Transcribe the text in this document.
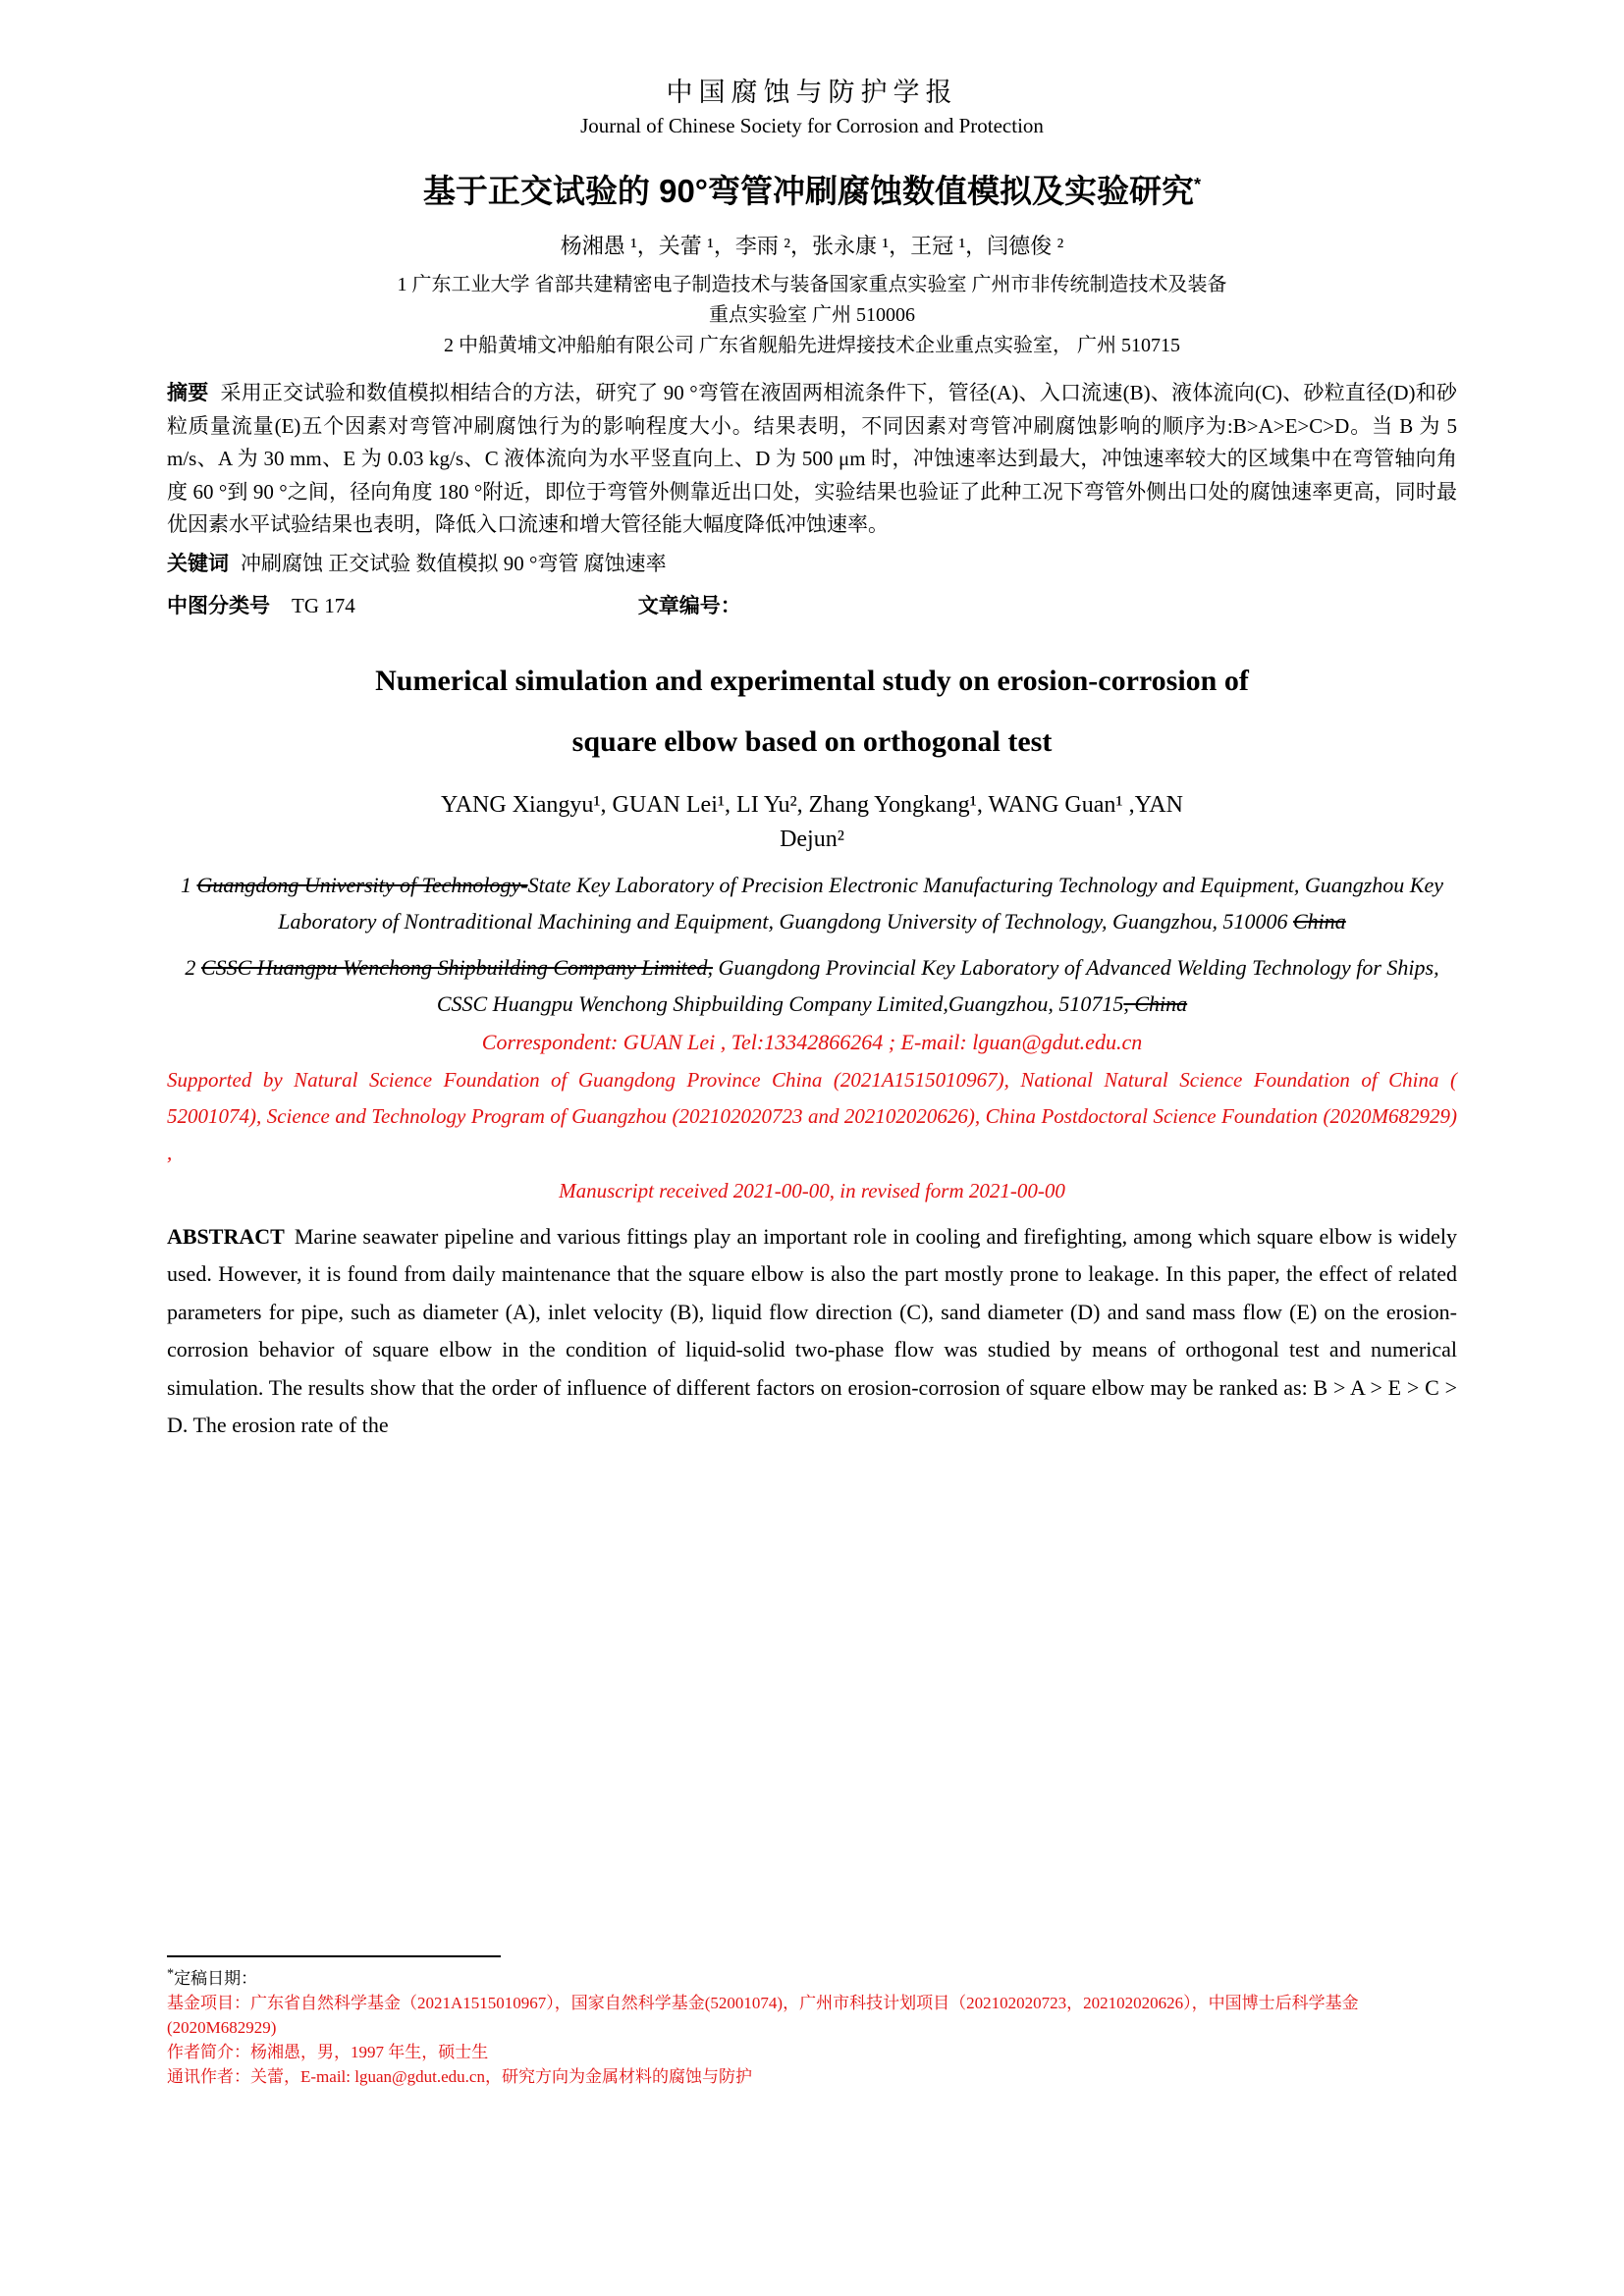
中国腐蚀与防护学报
Journal of Chinese Society for Corrosion and Protection
基于正交试验的 90°弯管冲刷腐蚀数值模拟及实验研究*
杨湘愚 ¹，关蕾 ¹，李雨 ²，张永康 ¹，王冠 ¹，闫德俊 ²
1 广东工业大学 省部共建精密电子制造技术与装备国家重点实验室 广州市非传统制造技术及装备
重点实验室 广州 510006
2 中船黄埔文冲船舶有限公司 广东省舰船先进焊接技术企业重点实验室， 广州 510715

摘要 采用正交试验和数值模拟相结合的方法，研究了 90 °弯管在液固两相流条件下，管径(A)、入口流速(B)、液体流向(C)、砂粒直径(D)和砂粒质量流量(E)五个因素对弯管冲刷腐蚀行为的影响程度大小。结果表明，不同因素对弯管冲刷腐蚀影响的顺序为:B>A>E>C>D。当 B 为 5 m/s、A 为 30 mm、E 为 0.03 kg/s、C 液体流向为水平竖直向上、D 为 500 μm 时，冲蚀速率达到最大，冲蚀速率较大的区域集中在弯管轴向角度 60 °到 90 °之间，径向角度 180 °附近，即位于弯管外侧靠近出口处，实验结果也验证了此种工况下弯管外侧出口处的腐蚀速率更高，同时最优因素水平试验结果也表明，降低入口流速和增大管径能大幅度降低冲蚀速率。

关键词 冲刷腐蚀 正交试验 数值模拟 90 °弯管 腐蚀速率

中图分类号 TG 174	文章编号：
Numerical simulation and experimental study on erosion-corrosion of
square elbow based on orthogonal test
YANG Xiangyu¹, GUAN Lei¹, LI Yu², Zhang Yongkang¹, WANG Guan¹ ,YAN
Dejun²

1 Guangdong University of Technology-State Key Laboratory of Precision Electronic Manufacturing Technology and Equipment, Guangzhou Key Laboratory of Nontraditional Machining and Equipment, Guangdong University of Technology, Guangzhou, 510006 China

2 CSSC Huangpu Wenchong Shipbuilding Company Limited, Guangdong Provincial Key Laboratory of Advanced Welding Technology for Ships, CSSC Huangpu Wenchong Shipbuilding Company Limited,Guangzhou, 510715, China

Correspondent: GUAN Lei , Tel:13342866264 ; E-mail: lguan@gdut.edu.cn

Supported by Natural Science Foundation of Guangdong Province China (2021A1515010967), National Natural Science Foundation of China ( 52001074), Science and Technology Program of Guangzhou (202102020723 and 202102020626), China Postdoctoral Science Foundation (2020M682929) ,

Manuscript received 2021-00-00, in revised form 2021-00-00

ABSTRACT Marine seawater pipeline and various fittings play an important role in cooling and firefighting, among which square elbow is widely used. However, it is found from daily maintenance that the square elbow is also the part mostly prone to leakage. In this paper, the effect of related parameters for pipe, such as diameter (A), inlet velocity (B), liquid flow direction (C), sand diameter (D) and sand mass flow (E) on the erosion-corrosion behavior of square elbow in the condition of liquid-solid two-phase flow was studied by means of orthogonal test and numerical simulation. The results show that the order of influence of different factors on erosion-corrosion of square elbow may be ranked as: B > A > E > C > D. The erosion rate of the

*定稿日期：
基金项目：广东省自然科学基金（2021A1515010967），国家自然科学基金(52001074)，广州市科技计划项目（202102020723，202102020626），中国博士后科学基金(2020M682929)
作者简介：杨湘愚，男，1997 年生，硕士生
通讯作者：关蕾，E-mail: lguan@gdut.edu.cn，研究方向为金属材料的腐蚀与防护
